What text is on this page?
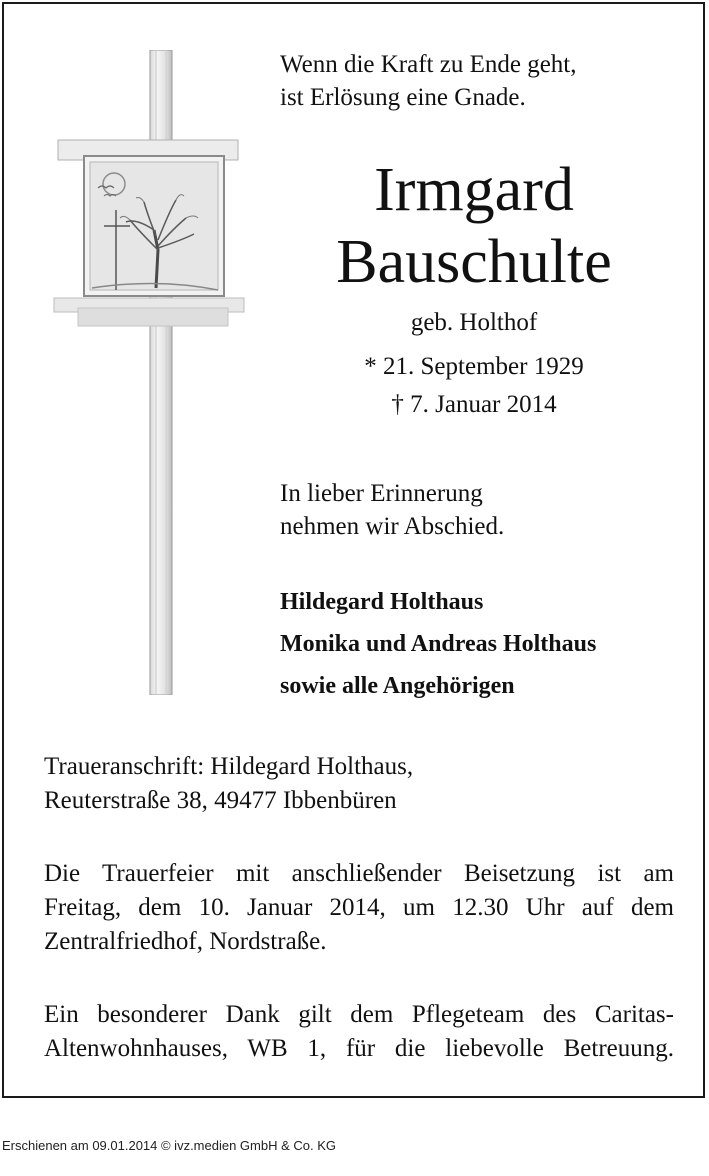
Wenn die Kraft zu Ende geht,
ist Erlösung eine Gnade.
Irmgard
Bauschulte
geb. Holthof
* 21. September 1929
† 7. Januar 2014
In lieber Erinnerung
nehmen wir Abschied.
Hildegard Holthaus
Monika und Andreas Holthaus
sowie alle Angehörigen
Traueranschrift: Hildegard Holthaus,
Reuterstraße 38, 49477 Ibbenbüren
Die Trauerfeier mit anschließender Beisetzung ist am
Freitag, dem 10. Januar 2014, um 12.30 Uhr auf dem
Zentralfriedhof, Nordstraße.
Ein besonderer Dank gilt dem Pflegeteam des Caritas-
Altenwohnhauses, WB 1, für die liebevolle Betreuung.
Erschienen am 09.01.2014 © ivz.medien GmbH & Co. KG
